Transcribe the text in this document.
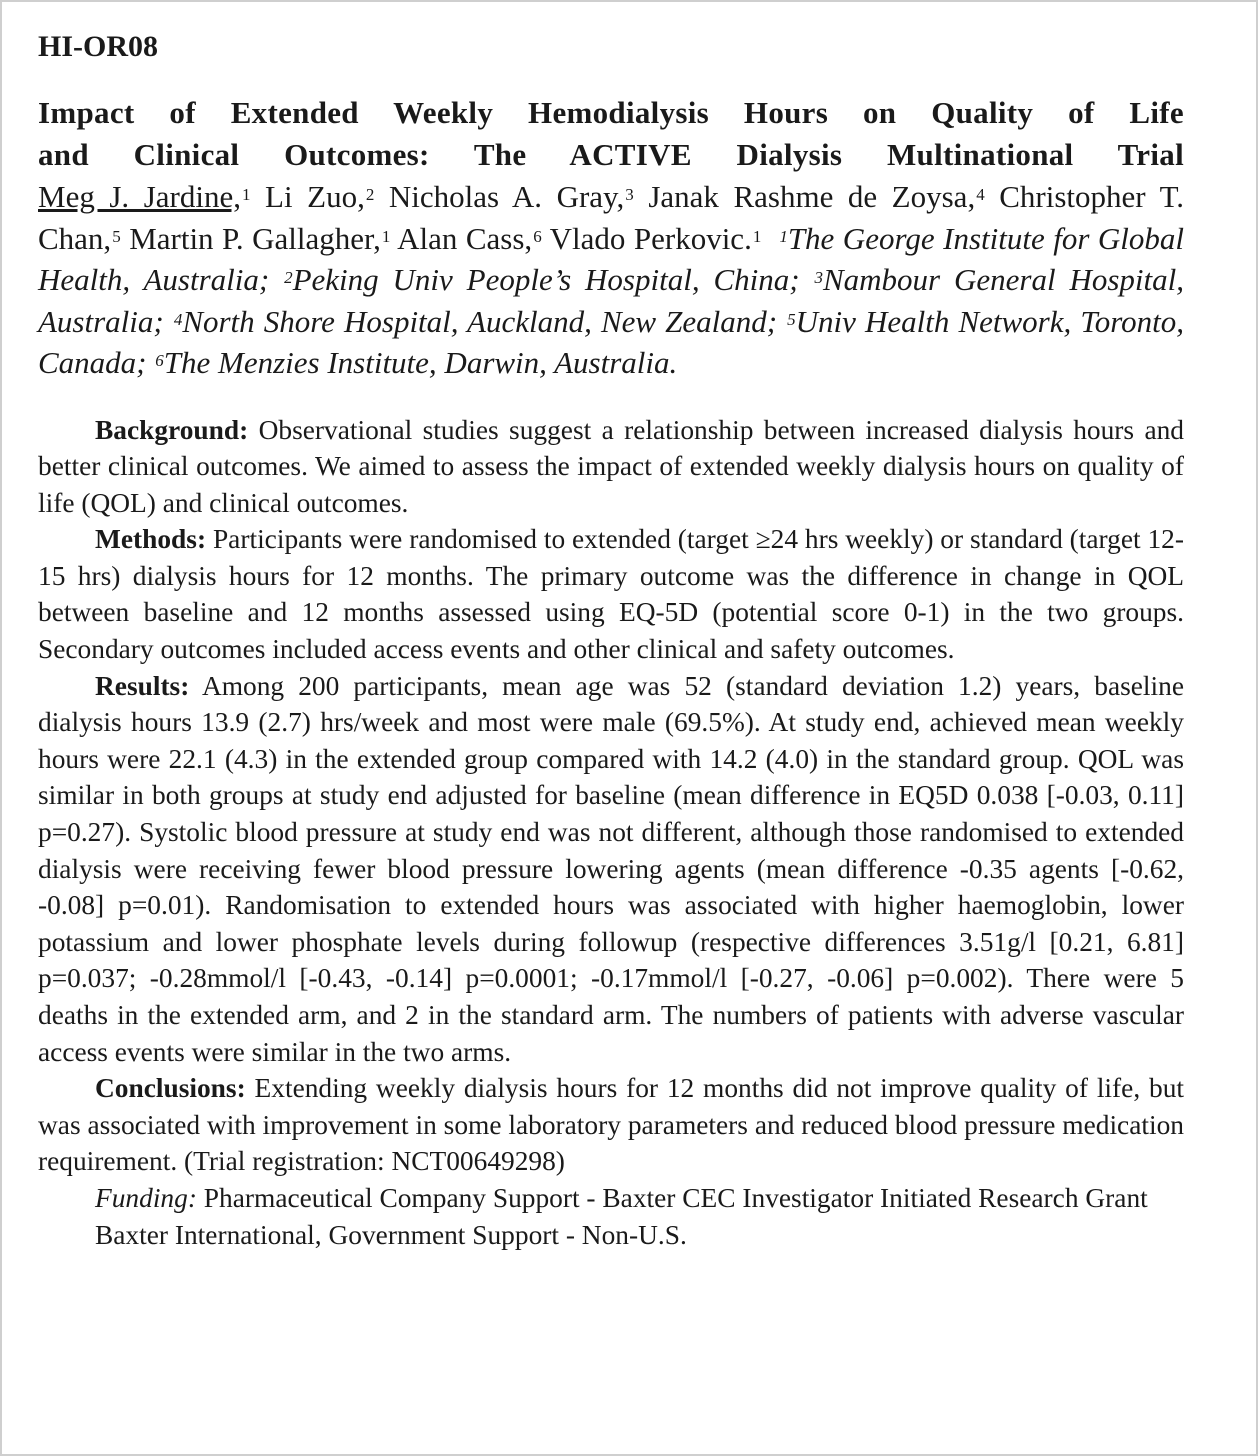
HI-OR08
Impact of Extended Weekly Hemodialysis Hours on Quality of Life
and Clinical Outcomes: The ACTIVE Dialysis Multinational Trial
Meg J. Jardine,$^1$ Li Zuo,$^2$ Nicholas A. Gray,$^3$ Janak Rashme de Zoysa,$^4$ Christopher T. Chan,$^5$ Martin P. Gallagher,$^1$ Alan Cass,$^6$ Vlado Perkovic.$^1$ $^1$The George Institute for Global Health, Australia; $^2$Peking Univ People’s Hospital, China; $^3$Nambour General Hospital, Australia; $^4$North Shore Hospital, Auckland, New Zealand; $^5$Univ Health Network, Toronto, Canada; $^6$The Menzies Institute, Darwin, Australia.

Background: Observational studies suggest a relationship between increased dialysis hours and better clinical outcomes. We aimed to assess the impact of extended weekly dialysis hours on quality of life (QOL) and clinical outcomes.

Methods: Participants were randomised to extended (target ≥24 hrs weekly) or standard (target 12-15 hrs) dialysis hours for 12 months. The primary outcome was the difference in change in QOL between baseline and 12 months assessed using EQ-5D (potential score 0-1) in the two groups. Secondary outcomes included access events and other clinical and safety outcomes.

Results: Among 200 participants, mean age was 52 (standard deviation 1.2) years, baseline dialysis hours 13.9 (2.7) hrs/week and most were male (69.5%). At study end, achieved mean weekly hours were 22.1 (4.3) in the extended group compared with 14.2 (4.0) in the standard group. QOL was similar in both groups at study end adjusted for baseline (mean difference in EQ5D 0.038 [-0.03, 0.11] p=0.27). Systolic blood pressure at study end was not different, although those randomised to extended dialysis were receiving fewer blood pressure lowering agents (mean difference -0.35 agents [-0.62, -0.08] p=0.01). Randomisation to extended hours was associated with higher haemoglobin, lower potassium and lower phosphate levels during followup (respective differences 3.51g/l [0.21, 6.81] p=0.037; -0.28mmol/l [-0.43, -0.14] p=0.0001; -0.17mmol/l [-0.27, -0.06] p=0.002). There were 5 deaths in the extended arm, and 2 in the standard arm. The numbers of patients with adverse vascular access events were similar in the two arms.

Conclusions: Extending weekly dialysis hours for 12 months did not improve quality of life, but was associated with improvement in some laboratory parameters and reduced blood pressure medication requirement. (Trial registration: NCT00649298)

Funding: Pharmaceutical Company Support - Baxter CEC Investigator Initiated Research Grant

Baxter International, Government Support - Non-U.S.
